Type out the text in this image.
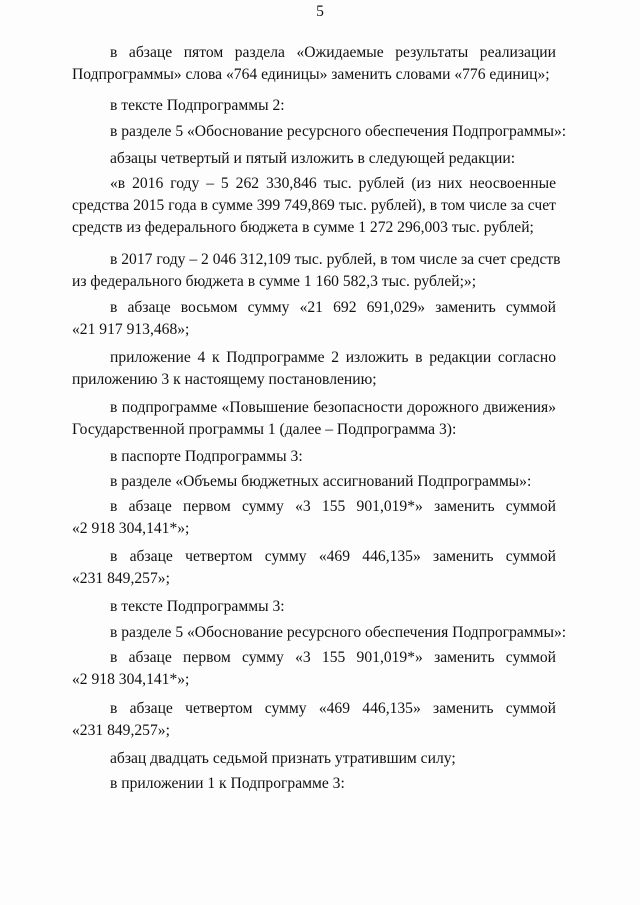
5
в абзаце пятом раздела «Ожидаемые результаты реализации
Подпрограммы» слова «764 единицы» заменить словами «776 единиц»;
в тексте Подпрограммы 2:
в разделе 5 «Обоснование ресурсного обеспечения Подпрограммы»:
абзацы четвертый и пятый изложить в следующей редакции:
«в 2016 году – 5 262 330,846 тыс. рублей (из них неосвоенные
средства 2015 года в сумме 399 749,869 тыс. рублей), в том числе за счет
средств из федерального бюджета в сумме 1 272 296,003 тыс. рублей;
в 2017 году – 2 046 312,109 тыс. рублей, в том числе за счет средств
из федерального бюджета в сумме 1 160 582,3 тыс. рублей;»;
в абзаце восьмом сумму «21 692 691,029» заменить суммой
«21 917 913,468»;
приложение 4 к Подпрограмме 2 изложить в редакции согласно
приложению 3 к настоящему постановлению;
в подпрограмме «Повышение безопасности дорожного движения»
Государственной программы 1 (далее – Подпрограмма 3):
в паспорте Подпрограммы 3:
в разделе «Объемы бюджетных ассигнований Подпрограммы»:
в абзаце первом сумму «3 155 901,019*» заменить суммой
«2 918 304,141*»;
в абзаце четвертом сумму «469 446,135» заменить суммой
«231 849,257»;
в тексте Подпрограммы 3:
в разделе 5 «Обоснование ресурсного обеспечения Подпрограммы»:
в абзаце первом сумму «3 155 901,019*» заменить суммой
«2 918 304,141*»;
в абзаце четвертом сумму «469 446,135» заменить суммой
«231 849,257»;
абзац двадцать седьмой признать утратившим силу;
в приложении 1 к Подпрограмме 3:
